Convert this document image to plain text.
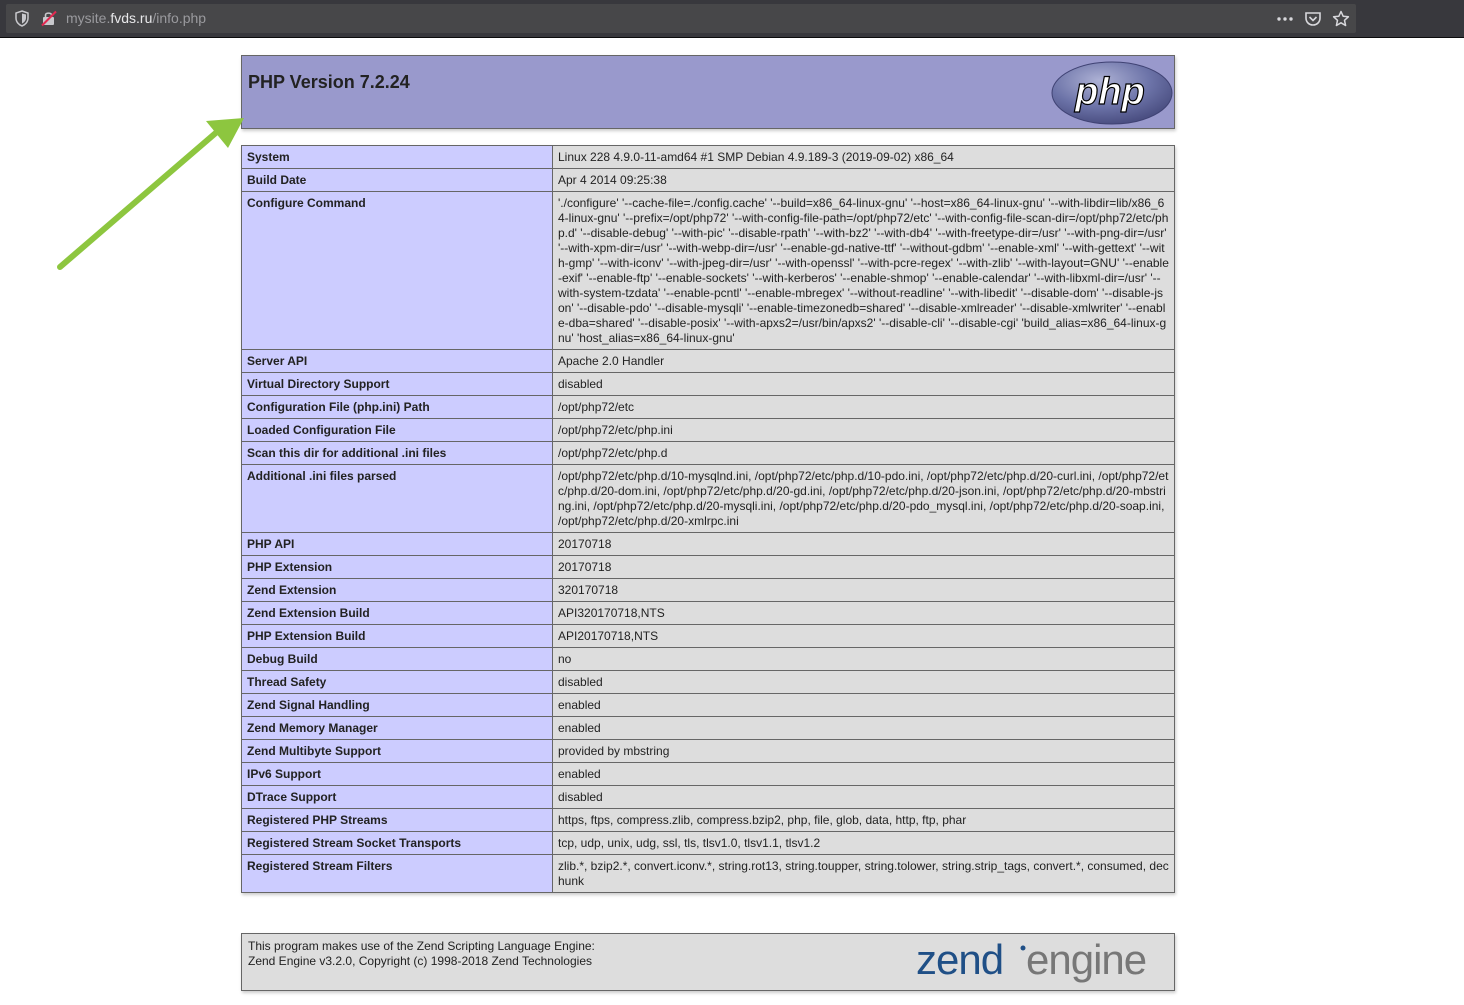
mysite.fvds.ru/info.php
PHP Version 7.2.24	php
System	Linux 228 4.9.0-11-amd64 #1 SMP Debian 4.9.189-3 (2019-09-02) x86_64
Build Date	Apr 4 2014 09:25:38
Configure Command	'./configure' '--cache-file=./config.cache' '--build=x86_64-linux-gnu' '--host=x86_64-linux-gnu' '--with-libdir=lib/x86_64-linux-gnu' '--prefix=/opt/php72' '--with-config-file-path=/opt/php72/etc' '--with-config-file-scan-dir=/opt/php72/etc/php.d' '--disable-debug' '--with-pic' '--disable-rpath' '--with-bz2' '--with-db4' '--with-freetype-dir=/usr' '--with-png-dir=/usr' '--with-xpm-dir=/usr' '--with-webp-dir=/usr' '--enable-gd-native-ttf' '--without-gdbm' '--enable-xml' '--with-gettext' '--with-gmp' '--with-iconv' '--with-jpeg-dir=/usr' '--with-openssl' '--with-pcre-regex' '--with-zlib' '--with-layout=GNU' '--enable-exif' '--enable-ftp' '--enable-sockets' '--with-kerberos' '--enable-shmop' '--enable-calendar' '--with-libxml-dir=/usr' '--with-system-tzdata' '--enable-pcntl' '--enable-mbregex' '--without-readline' '--with-libedit' '--disable-dom' '--disable-json' '--disable-pdo' '--disable-mysqli' '--enable-timezonedb=shared' '--disable-xmlreader' '--disable-xmlwriter' '--enable-dba=shared' '--disable-posix' '--with-apxs2=/usr/bin/apxs2' '--disable-cli' '--disable-cgi' 'build_alias=x86_64-linux-gnu' 'host_alias=x86_64-linux-gnu'
Server API	Apache 2.0 Handler
Virtual Directory Support	disabled
Configuration File (php.ini) Path	/opt/php72/etc
Loaded Configuration File	/opt/php72/etc/php.ini
Scan this dir for additional .ini files	/opt/php72/etc/php.d
Additional .ini files parsed	/opt/php72/etc/php.d/10-mysqlnd.ini, /opt/php72/etc/php.d/10-pdo.ini, /opt/php72/etc/php.d/20-curl.ini, /opt/php72/etc/php.d/20-dom.ini, /opt/php72/etc/php.d/20-gd.ini, /opt/php72/etc/php.d/20-json.ini, /opt/php72/etc/php.d/20-mbstring.ini, /opt/php72/etc/php.d/20-mysqli.ini, /opt/php72/etc/php.d/20-pdo_mysql.ini, /opt/php72/etc/php.d/20-soap.ini, /opt/php72/etc/php.d/20-xmlrpc.ini
PHP API	20170718
PHP Extension	20170718
Zend Extension	320170718
Zend Extension Build	API320170718,NTS
PHP Extension Build	API20170718,NTS
Debug Build	no
Thread Safety	disabled
Zend Signal Handling	enabled
Zend Memory Manager	enabled
Zend Multibyte Support	provided by mbstring
IPv6 Support	enabled
DTrace Support	disabled
Registered PHP Streams	https, ftps, compress.zlib, compress.bzip2, php, file, glob, data, http, ftp, phar
Registered Stream Socket Transports	tcp, udp, unix, udg, ssl, tls, tlsv1.0, tlsv1.1, tlsv1.2
Registered Stream Filters	zlib.*, bzip2.*, convert.iconv.*, string.rot13, string.toupper, string.tolower, string.strip_tags, convert.*, consumed, dechunk
This program makes use of the Zend Scripting Language Engine:
Zend Engine v3.2.0, Copyright (c) 1998-2018 Zend Technologies	zend engine
